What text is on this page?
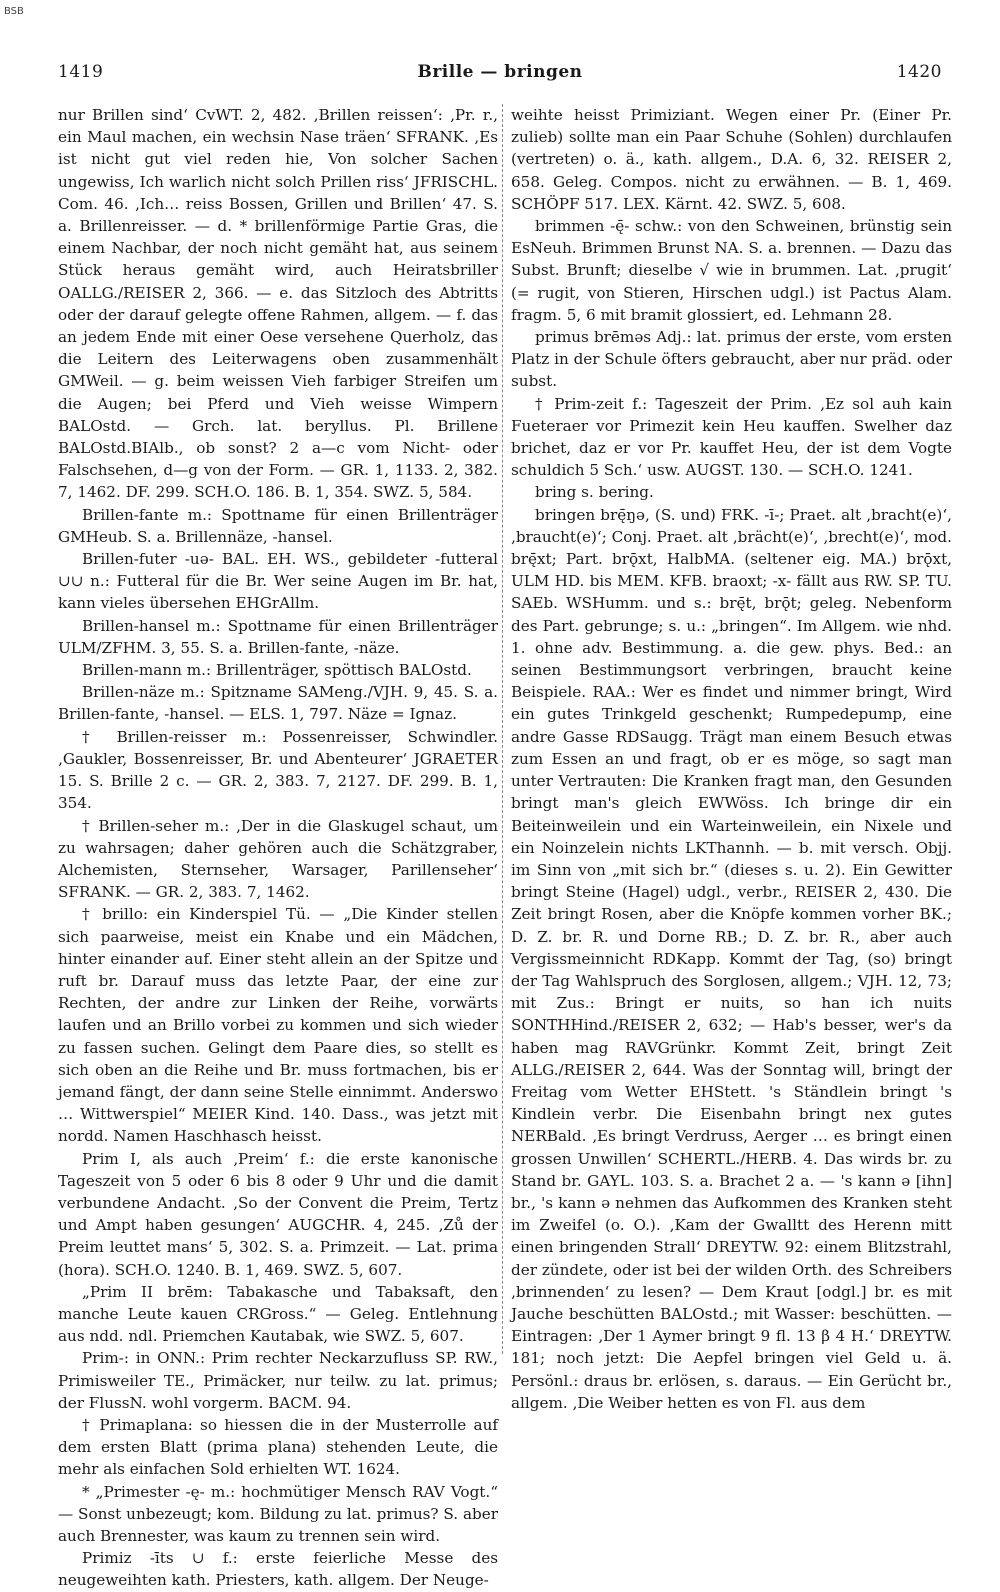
BSB
1419	Brille — bringen	1420

nur Brillen sind‘ CvWT. 2, 482. ‚Brillen reissen‘: ‚Pr. r., ein Maul machen, ein wechsin Nase träen‘ SFRANK. ‚Es ist nicht gut viel reden hie, Von solcher Sachen ungewiss, Ich warlich nicht solch Prillen riss‘ JFRISCHL. Com. 46. ‚Ich… reiss Bossen, Grillen und Brillen‘ 47. S. a. Brillenreisser. — d. * brillenförmige Partie Gras, die einem Nachbar, der noch nicht gemäht hat, aus seinem Stück heraus gemäht wird, auch Heiratsbriller OALLG./REISER 2, 366. — e. das Sitzloch des Abtritts oder der darauf gelegte offene Rahmen, allgem. — f. das an jedem Ende mit einer Oese versehene Querholz, das die Leitern des Leiterwagens oben zusammenhält GMWeil. — g. beim weissen Vieh farbiger Streifen um die Augen; bei Pferd und Vieh weisse Wimpern BALOstd. — Grch. lat. beryllus. Pl. Brillene BALOstd.BIAlb., ob sonst? 2 a—c vom Nicht- oder Falschsehen, d—g von der Form. — GR. 1, 1133. 2, 382. 7, 1462. DF. 299. SCH.O. 186. B. 1, 354. SWZ. 5, 584.

Brillen-fante m.: Spottname für einen Brillenträger GMHeub. S. a. Brillennäze, -hansel.

Brillen-futer -uə- BAL. EH. WS., gebildeter -futteral ∪∪ n.: Futteral für die Br. Wer seine Augen im Br. hat, kann vieles übersehen EHGrAllm.

Brillen-hansel m.: Spottname für einen Brillenträger ULM/ZFHM. 3, 55. S. a. Brillen-fante, -näze.

Brillen-mann m.: Brillenträger, spöttisch BALOstd.

Brillen-näze m.: Spitzname SAMeng./VJH. 9, 45. S. a. Brillen-fante, -hansel. — ELS. 1, 797. Näze = Ignaz.

† Brillen-reisser m.: Possenreisser, Schwindler. ‚Gaukler, Bossenreisser, Br. und Abenteurer‘ JGRAETER 15. S. Brille 2 c. — GR. 2, 383. 7, 2127. DF. 299. B. 1, 354.

† Brillen-seher m.: ‚Der in die Glaskugel schaut, um zu wahrsagen; daher gehören auch die Schätzgraber, Alchemisten, Sternseher, Warsager, Parillenseher‘ SFRANK. — GR. 2, 383. 7, 1462.

† brillo: ein Kinderspiel Tü. — „Die Kinder stellen sich paarweise, meist ein Knabe und ein Mädchen, hinter einander auf. Einer steht allein an der Spitze und ruft br. Darauf muss das letzte Paar, der eine zur Rechten, der andre zur Linken der Reihe, vorwärts laufen und an Brillo vorbei zu kommen und sich wieder zu fassen suchen. Gelingt dem Paare dies, so stellt es sich oben an die Reihe und Br. muss fortmachen, bis er jemand fängt, der dann seine Stelle einnimmt. Anderswo … Wittwerspiel“ MEIER Kind. 140. Dass., was jetzt mit nordd. Namen Haschhasch heisst.

Prim I, als auch ‚Preim‘ f.: die erste kanonische Tageszeit von 5 oder 6 bis 8 oder 9 Uhr und die damit verbundene Andacht. ‚So der Convent die Preim, Tertz und Ampt haben gesungen‘ AUGCHR. 4, 245. ‚Zů der Preim leuttet mans‘ 5, 302. S. a. Primzeit. — Lat. prima (hora). SCH.O. 1240. B. 1, 469. SWZ. 5, 607.

„Prim II brēm: Tabakasche und Tabaksaft, den manche Leute kauen CRGross.“ — Geleg. Entlehnung aus ndd. ndl. Priemchen Kautabak, wie SWZ. 5, 607.

Prim-: in ONN.: Prim rechter Neckarzufluss SP. RW., Primisweiler TE., Primäcker, nur teilw. zu lat. primus; der FlussN. wohl vorgerm. BACM. 94.

† Primaplana: so hiessen die in der Musterrolle auf dem ersten Blatt (prima plana) stehenden Leute, die mehr als einfachen Sold erhielten WT. 1624.

* „Primester -ę- m.: hochmütiger Mensch RAV Vogt.“ — Sonst unbezeugt; kom. Bildung zu lat. primus? S. aber auch Brennester, was kaum zu trennen sein wird.

Primiz -īts ∪ f.: erste feierliche Messe des neugeweihten kath. Priesters, kath. allgem. Der Neuge-

weihte heisst Primiziant. Wegen einer Pr. (Einer Pr. zulieb) sollte man ein Paar Schuhe (Sohlen) durchlaufen (vertreten) o. ä., kath. allgem., D.A. 6, 32. REISER 2, 658. Geleg. Compos. nicht zu erwähnen. — B. 1, 469. SCHÖPF 517. LEX. Kärnt. 42. SWZ. 5, 608.

brimmen -ę̄- schw.: von den Schweinen, brünstig sein EsNeuh. Brimmen Brunst NA. S. a. brennen. — Dazu das Subst. Brunft; dieselbe √ wie in brummen. Lat. ‚prugit‘ (= rugit, von Stieren, Hirschen udgl.) ist Pactus Alam. fragm. 5, 6 mit bramit glossiert, ed. Lehmann 28.

primus brēməs Adj.: lat. primus der erste, vom ersten Platz in der Schule öfters gebraucht, aber nur präd. oder subst.

† Prim-zeit f.: Tageszeit der Prim. ‚Ez sol auh kain Fueteraer vor Primezit kein Heu kauffen. Swelher daz brichet, daz er vor Pr. kauffet Heu, der ist dem Vogte schuldich 5 Sch.‘ usw. AUGST. 130. — SCH.O. 1241.

bring s. bering.

bringen brę̄ŋə, (S. und) FRK. -ī-; Praet. alt ‚bracht(e)‘, ‚braucht(e)‘; Conj. Praet. alt ‚brächt(e)‘, ‚brecht(e)‘, mod. brę̄xt; Part. brǭxt, HalbMA. (seltener eig. MA.) brǭxt, ULM HD. bis MEM. KFB. braoxt; -x- fällt aus RW. SP. TU. SAEb. WSHumm. und s.: brę̄t, brǭt; geleg. Nebenform des Part. gebrunge; s. u.: „bringen“. Im Allgem. wie nhd. 1. ohne adv. Bestimmung. a. die gew. phys. Bed.: an seinen Bestimmungsort verbringen, braucht keine Beispiele. RAA.: Wer es findet und nimmer bringt, Wird ein gutes Trinkgeld geschenkt; Rumpedepump, eine andre Gasse RDSaugg. Trägt man einem Besuch etwas zum Essen an und fragt, ob er es möge, so sagt man unter Vertrauten: Die Kranken fragt man, den Gesunden bringt man's gleich EWWöss. Ich bringe dir ein Beiteinweilein und ein Warteinweilein, ein Nixele und ein Noinzelein nichts LKThannh. — b. mit versch. Objj. im Sinn von „mit sich br.“ (dieses s. u. 2). Ein Gewitter bringt Steine (Hagel) udgl., verbr., REISER 2, 430. Die Zeit bringt Rosen, aber die Knöpfe kommen vorher BK.; D. Z. br. R. und Dorne RB.; D. Z. br. R., aber auch Vergissmeinnicht RDKapp. Kommt der Tag, (so) bringt der Tag Wahlspruch des Sorglosen, allgem.; VJH. 12, 73; mit Zus.: Bringt er nuits, so han ich nuits SONTHHind./REISER 2, 632; — Hab's besser, wer's da haben mag RAVGrünkr. Kommt Zeit, bringt Zeit ALLG./REISER 2, 644. Was der Sonntag will, bringt der Freitag vom Wetter EHStett. 's Ständlein bringt 's Kindlein verbr. Die Eisenbahn bringt nex gutes NERBald. ‚Es bringt Verdruss, Aerger … es bringt einen grossen Unwillen‘ SCHERTL./HERB. 4. Das wirds br. zu Stand br. GAYL. 103. S. a. Brachet 2 a. — 's kann ə [ihn] br., 's kann ə nehmen das Aufkommen des Kranken steht im Zweifel (o. O.). ‚Kam der Gwalltt des Herenn mitt einen bringenden Strall‘ DREYTW. 92: einem Blitzstrahl, der zündete, oder ist bei der wilden Orth. des Schreibers ‚brinnenden‘ zu lesen? — Dem Kraut [odgl.] br. es mit Jauche beschütten BALOstd.; mit Wasser: beschütten. — Eintragen: ‚Der 1 Aymer bringt 9 fl. 13 β 4 H.‘ DREYTW. 181; noch jetzt: Die Aepfel bringen viel Geld u. ä. Persönl.: draus br. erlösen, s. daraus. — Ein Gerücht br., allgem. ‚Die Weiber hetten es von Fl. aus dem
